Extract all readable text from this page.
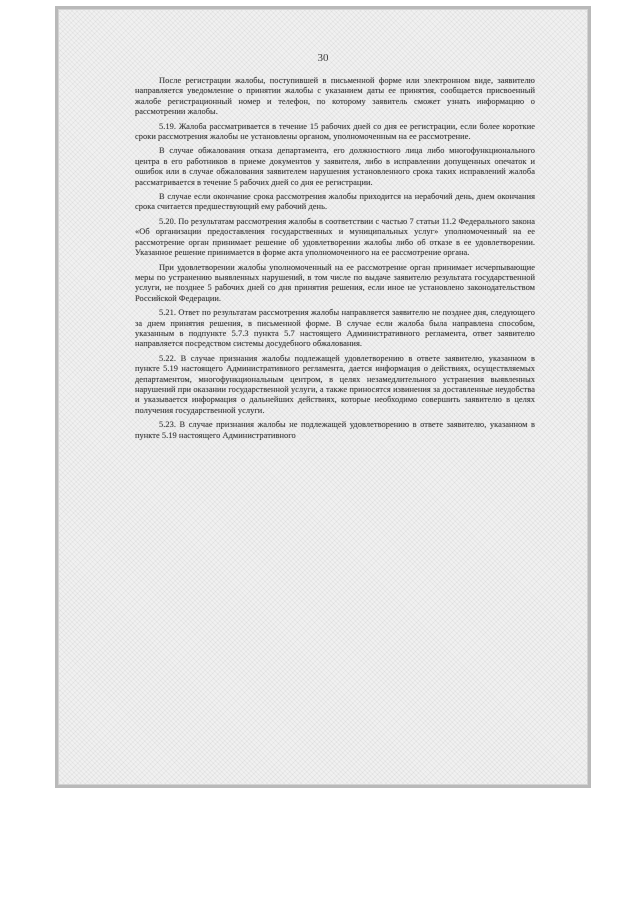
30

После регистрации жалобы, поступившей в письменной форме или электронном виде, заявителю направляется уведомление о принятии жалобы с указанием даты ее принятия, сообщается присвоенный жалобе регистрационный номер и телефон, по которому заявитель сможет узнать информацию о рассмотрении жалобы.

5.19. Жалоба рассматривается в течение 15 рабочих дней со дня ее регистрации, если более короткие сроки рассмотрения жалобы не установлены органом, уполномоченным на ее рассмотрение.

В случае обжалования отказа департамента, его должностного лица либо многофункционального центра в его работников в приеме документов у заявителя, либо в исправлении допущенных опечаток и ошибок или в случае обжалования заявителем нарушения установленного срока таких исправлений жалоба рассматривается в течение 5 рабочих дней со дня ее регистрации.

В случае если окончание срока рассмотрения жалобы приходится на нерабочий день, днем окончания срока считается предшествующий ему рабочий день.

5.20. По результатам рассмотрения жалобы в соответствии с частью 7 статьи 11.2 Федерального закона «Об организации предоставления государственных и муниципальных услуг» уполномоченный на ее рассмотрение орган принимает решение об удовлетворении жалобы либо об отказе в ее удовлетворении. Указанное решение принимается в форме акта уполномоченного на ее рассмотрение органа.

При удовлетворении жалобы уполномоченный на ее рассмотрение орган принимает исчерпывающие меры по устранению выявленных нарушений, в том числе по выдаче заявителю результата государственной услуги, не позднее 5 рабочих дней со дня принятия решения, если иное не установлено законодательством Российской Федерации.

5.21. Ответ по результатам рассмотрения жалобы направляется заявителю не позднее дня, следующего за днем принятия решения, в письменной форме. В случае если жалоба была направлена способом, указанным в подпункте 5.7.3 пункта 5.7 настоящего Административного регламента, ответ заявителю направляется посредством системы досудебного обжалования.

5.22. В случае признания жалобы подлежащей удовлетворению в ответе заявителю, указанном в пункте 5.19 настоящего Административного регламента, дается информация о действиях, осуществляемых департаментом, многофункциональным центром, в целях незамедлительного устранения выявленных нарушений при оказании государственной услуги, а также приносятся извинения за доставленные неудобства и указывается информация о дальнейших действиях, которые необходимо совершить заявителю в целях получения государственной услуги.

5.23. В случае признания жалобы не подлежащей удовлетворению в ответе заявителю, указанном в пункте 5.19 настоящего Административного
